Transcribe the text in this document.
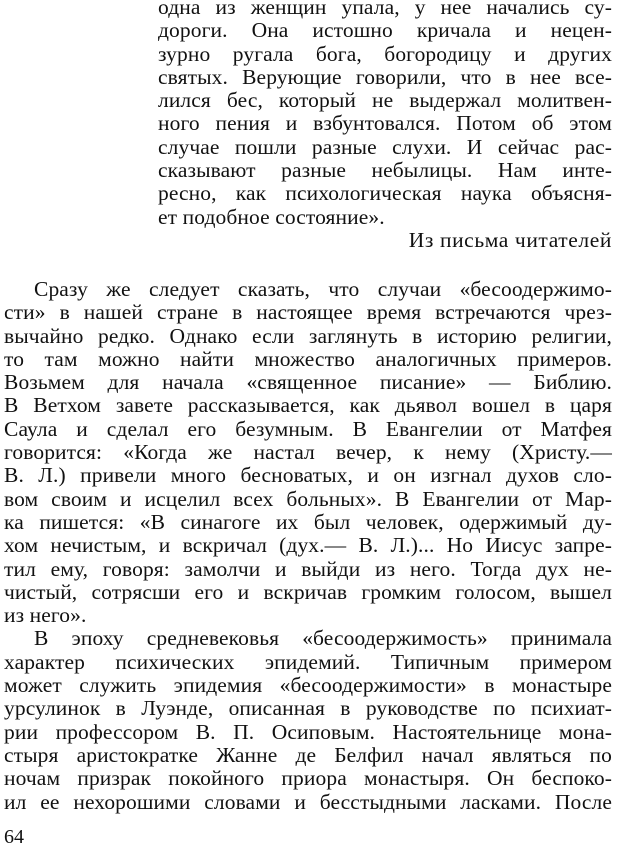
одна из женщин упала, у нее начались су-
дороги. Она истошно кричала и нецен-
зурно ругала бога, богородицу и других
святых. Верующие говорили, что в нее все-
лился бес, который не выдержал молитвен-
ного пения и взбунтовался. Потом об этом
случае пошли разные слухи. И сейчас рас-
сказывают разные небылицы. Нам инте-
ресно, как психологическая наука объясня-
ет подобное состояние».
Из письма читателей
Сразу же следует сказать, что случаи «бесоодержимо-
сти» в нашей стране в настоящее время встречаются чрез-
вычайно редко. Однако если заглянуть в историю религии,
то там можно найти множество аналогичных примеров.
Возьмем для начала «священное писание» — Библию.
В Ветхом завете рассказывается, как дьявол вошел в царя
Саула и сделал его безумным. В Евангелии от Матфея
говорится: «Когда же настал вечер, к нему (Христу.—
В. Л.) привели много бесноватых, и он изгнал духов сло-
вом своим и исцелил всех больных». В Евангелии от Мар-
ка пишется: «В синагоге их был человек, одержимый ду-
хом нечистым, и вскричал (дух.— В. Л.)... Но Иисус запре-
тил ему, говоря: замолчи и выйди из него. Тогда дух не-
чистый, сотрясши его и вскричав громким голосом, вышел
из него».
В эпоху средневековья «бесоодержимость» принимала
характер психических эпидемий. Типичным примером
может служить эпидемия «бесоодержимости» в монастыре
урсулинок в Луэнде, описанная в руководстве по психиат-
рии профессором В. П. Осиповым. Настоятельнице мона-
стыря аристократке Жанне де Белфил начал являться по
ночам призрак покойного приора монастыря. Он беспоко-
ил ее нехорошими словами и бесстыдными ласками. После
64
